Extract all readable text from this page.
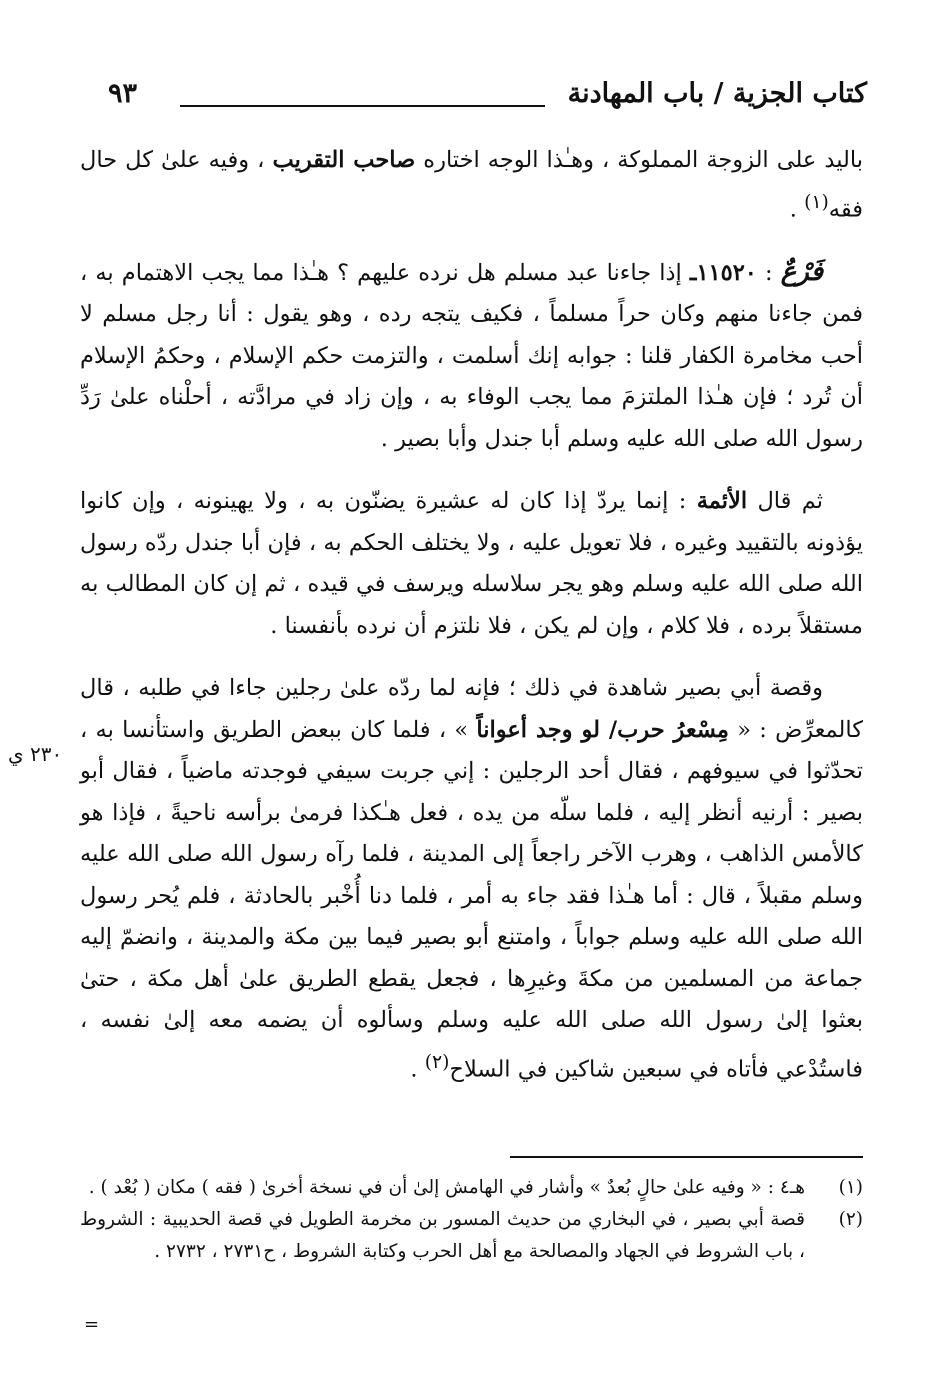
كتاب الجزية / باب المهادنة
٩٣

باليد على الزوجة المملوكة ، وهـٰذا الوجه اختاره صاحب التقريب ، وفيه علىٰ كل حال فقه$^{(١)}$ .

فَرْعٌ : ١١٥٢٠ـ إذا جاءنا عبد مسلم هل نرده عليهم ؟ هـٰذا مما يجب الاهتمام به ، فمن جاءنا منهم وكان حراً مسلماً ، فكيف يتجه رده ، وهو يقول : أنا رجل مسلم لا أحب مخامرة الكفار قلنا : جوابه إنك أسلمت ، والتزمت حكم الإسلام ، وحكمُ الإسلام أن تُرد ؛ فإن هـٰذا الملتزمَ مما يجب الوفاء به ، وإن زاد في مرادَّته ، أحلْناه علىٰ رَدِّ رسول الله صلى الله عليه وسلم أبا جندل وأبا بصير .

ثم قال الأئمة : إنما يردّ إذا كان له عشيرة يضنّون به ، ولا يهينونه ، وإن كانوا يؤذونه بالتقييد وغيره ، فلا تعويل عليه ، ولا يختلف الحكم به ، فإن أبا جندل ردّه رسول الله صلى الله عليه وسلم وهو يجر سلاسله ويرسف في قيده ، ثم إن كان المطالب به مستقلاً برده ، فلا كلام ، وإن لم يكن ، فلا نلتزم أن نرده بأنفسنا .

وقصة أبي بصير شاهدة في ذلك ؛ فإنه لما ردّه علىٰ رجلين جاءا في طلبه ، قال كالمعرِّض : « مِسْعرُ حرب/ لو وجد أعواناً » ، فلما كان ببعض الطريق واستأنسا به ، تحدّثوا في سيوفهم ، فقال أحد الرجلين : إني جربت سيفي فوجدته ماضياً ، فقال أبو بصير : أرنيه أنظر إليه ، فلما سلّه من يده ، فعل هـٰكذا فرمىٰ برأسه ناحيةً ، فإذا هو كالأمس الذاهب ، وهرب الآخر راجعاً إلى المدينة ، فلما رآه رسول الله صلى الله عليه وسلم مقبلاً ، قال : أما هـٰذا فقد جاء به أمر ، فلما دنا أُخْبر بالحادثة ، فلم يُحر رسول الله صلى الله عليه وسلم جواباً ، وامتنع أبو بصير فيما بين مكة والمدينة ، وانضمّ إليه جماعة من المسلمين من مكةَ وغيرِها ، فجعل يقطع الطريق علىٰ أهل مكة ، حتىٰ بعثوا إلىٰ رسول الله صلى الله عليه وسلم وسألوه أن يضمه معه إلىٰ نفسه ، فاستُدْعي فأتاه في سبعين شاكين في السلاح$^{(٢)}$ .

٢٣٠ ي
(١)
هـ٤ : « وفيه علىٰ حالٍ بُعدٌ » وأشار في الهامش إلىٰ أن في نسخة أخرىٰ ( فقه ) مكان ( بُعْد ) .
(٢)
قصة أبي بصير ، في البخاري من حديث المسور بن مخرمة الطويل في قصة الحديبية : الشروط ، باب الشروط في الجهاد والمصالحة مع أهل الحرب وكتابة الشروط ، ح٢٧٣١ ، ٢٧٣٢ .
=
